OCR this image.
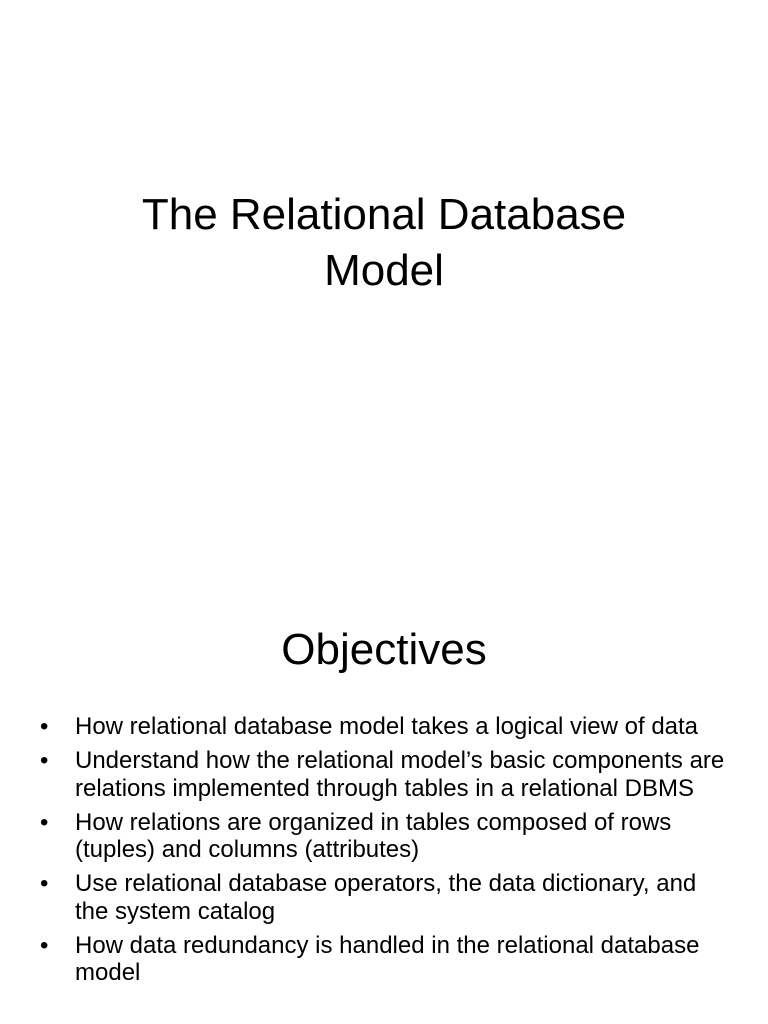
The Relational Database
Model
Objectives
• How relational database model takes a logical view of data
• Understand how the relational model’s basic components are relations implemented through tables in a relational DBMS
• How relations are organized in tables composed of rows (tuples) and columns (attributes)
• Use relational database operators, the data dictionary, and the system catalog
• How data redundancy is handled in the relational database model
